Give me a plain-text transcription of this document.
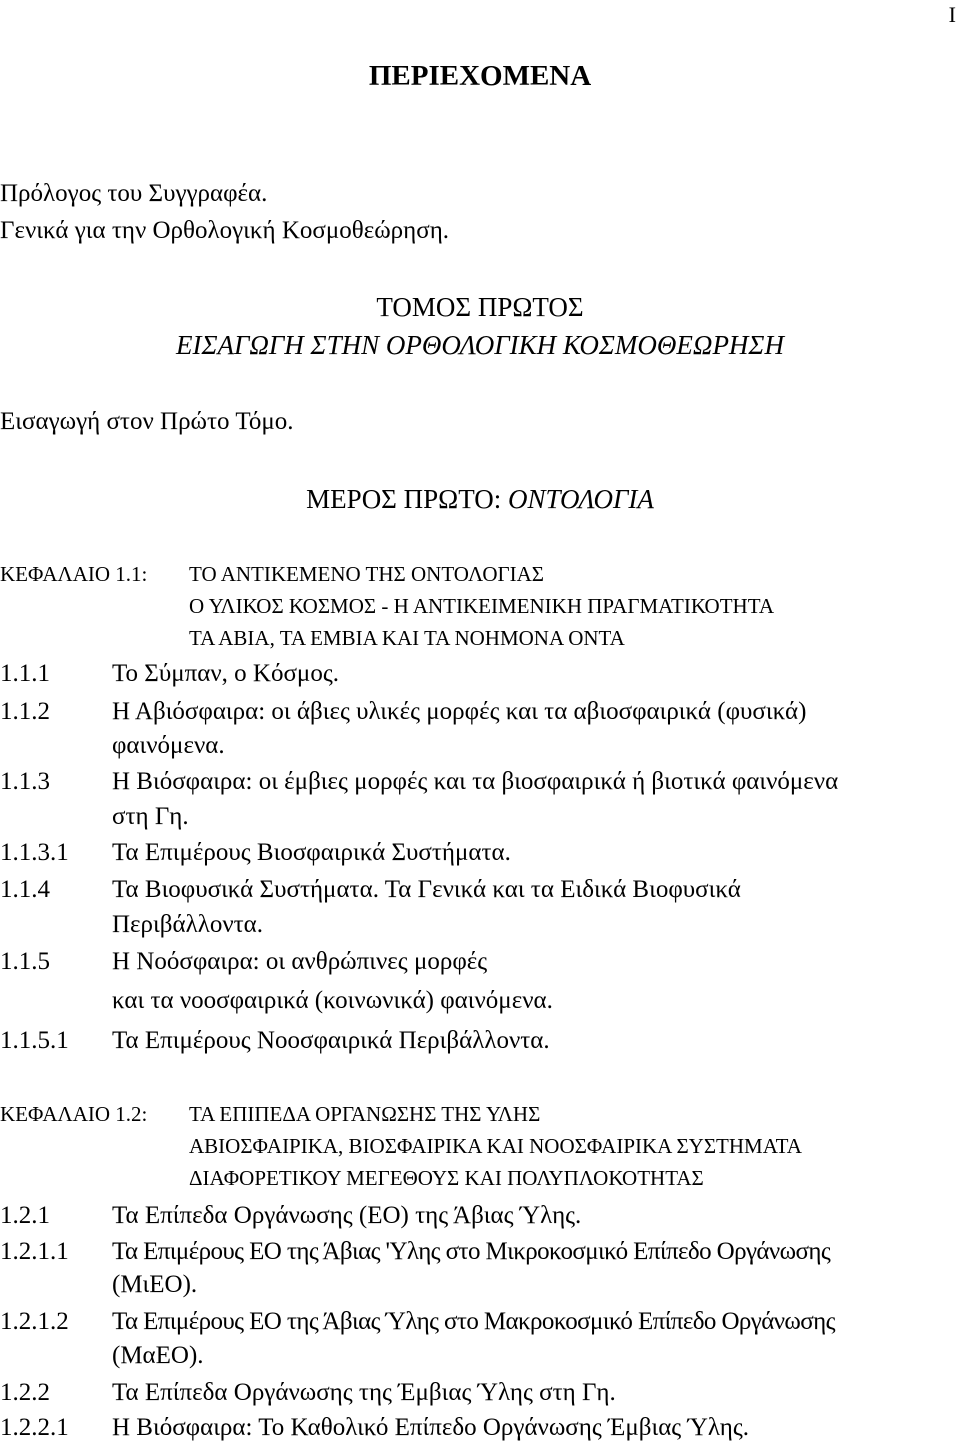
I
ΠΕΡΙΕΧΟΜΕΝΑ
Πρόλογος του Συγγραφέα.
Γενικά για την Ορθολογική Κοσμοθεώρηση.
ΤΟΜΟΣ ΠΡΩΤΟΣ
ΕΙΣΑΓΩΓΗ ΣΤΗΝ ΟΡΘΟΛΟΓΙΚΗ ΚΟΣΜΟΘΕΩΡΗΣΗ
Εισαγωγή στον Πρώτο Τόμο.
ΜΕΡΟΣ ΠΡΩΤΟ: ΟΝΤΟΛΟΓΙΑ
ΚΕΦΑΛΑΙΟ 1.1: ΤΟ ΑΝΤΙΚΕΜΕΝΟ ΤΗΣ ΟΝΤΟΛΟΓΙΑΣ
Ο ΥΛΙΚΟΣ ΚΟΣΜΟΣ - Η ΑΝΤΙΚΕΙΜΕΝΙΚΗ ΠΡΑΓΜΑΤΙΚΟΤΗΤΑ
ΤΑ ΑΒΙΑ, ΤΑ ΕΜΒΙΑ ΚΑΙ ΤΑ ΝΟΗΜΟΝΑ ΟΝΤΑ
1.1.1 Το Σύμπαν, ο Κόσμος.
1.1.2 Η Αβιόσφαιρα: οι άβιες υλικές μορφές και τα αβιοσφαιρικά (φυσικά)
φαινόμενα.
1.1.3 Η Βιόσφαιρα: οι έμβιες μορφές και τα βιοσφαιρικά ή βιοτικά φαινόμενα
στη Γη.
1.1.3.1 Τα Επιμέρους Βιοσφαιρικά Συστήματα.
1.1.4 Τα Βιοφυσικά Συστήματα. Τα Γενικά και τα Ειδικά Βιοφυσικά
Περιβάλλοντα.
1.1.5 Η Νοόσφαιρα: οι ανθρώπινες μορφές
και τα νοοσφαιρικά (κοινωνικά) φαινόμενα.
1.1.5.1 Τα Επιμέρους Νοοσφαιρικά Περιβάλλοντα.
ΚΕΦΑΛΑΙΟ 1.2: ΤΑ ΕΠΙΠΕΔΑ ΟΡΓΑΝΩΣΗΣ ΤΗΣ ΥΛΗΣ
ΑΒΙΟΣΦΑΙΡΙΚΑ, ΒΙΟΣΦΑΙΡΙΚΑ ΚΑΙ ΝΟΟΣΦΑΙΡΙΚΑ ΣΥΣΤΗΜΑΤΑ
ΔΙΑΦΟΡΕΤΙΚΟΥ ΜΕΓΕΘΟΥΣ ΚΑΙ ΠΟΛΥΠΛΟΚΟΤΗΤΑΣ
1.2.1 Τα Επίπεδα Οργάνωσης (ΕΟ) της Άβιας Ύλης.
1.2.1.1 Τα Επιμέρους ΕΟ της Άβιας 'Υλης στο Μικροκοσμικό Επίπεδο Οργάνωσης
(ΜιΕΟ).
1.2.1.2 Τα Επιμέρους ΕΟ της Άβιας Ύλης στο Μακροκοσμικό Επίπεδο Οργάνωσης
(ΜαΕΟ).
1.2.2 Τα Επίπεδα Οργάνωσης της Έμβιας Ύλης στη Γη.
1.2.2.1 Η Βιόσφαιρα: Το Καθολικό Επίπεδο Οργάνωσης Έμβιας Ύλης.
